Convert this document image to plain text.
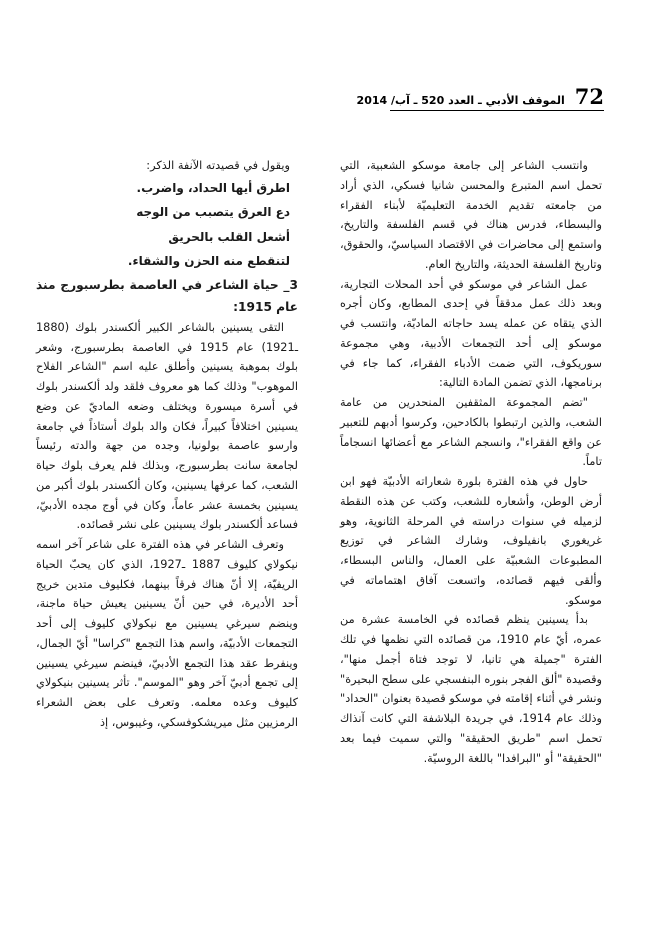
72
الموقف الأدبي ـ العدد 520 ـ آب/ 2014

وانتسب الشاعر إلى جامعة موسكو الشعبية، التي تحمل اسم المتبرع والمحسن شانيا فسكي، الذي أراد من جامعته تقديم الخدمة التعليميّة لأبناء الفقراء والبسطاء، فدرس هناك في قسم الفلسفة والتاريخ، واستمع إلى محاضرات في الاقتصاد السياسيّ، والحقوق، وتاريخ الفلسفة الحديثة، والتاريخ العام.

عمل الشاعر في موسكو في أحد المحلات التجارية، وبعد ذلك عمل مدققاً في إحدى المطابع، وكان أجره الذي يتقاه عن عمله يسد حاجاته الماديّة، وانتسب في موسكو إلى أحد التجمعات الأدبية، وهي مجموعة سوريكوف، التي ضمت الأدباء الفقراء، كما جاء في برنامجها، الذي تضمن المادة التالية:

"تضم المجموعة المثقفين المنحدرين من عامة الشعب، والذين ارتبطوا بالكادحين، وكرسوا أدبهم للتعبير عن واقع الفقراء"، وانسجم الشاعر مع أعضائها انسجاماً تاماً.

حاول في هذه الفترة بلورة شعاراته الأدبيّة فهو ابن أرض الوطن، وأشعاره للشعب، وكتب عن هذه النقطة لزميله في سنوات دراسته في المرحلة الثانوية، وهو غريغوري بانفيلوف، وشارك الشاعر في توزيع المطبوعات الشعبيّة على العمال، والناس البسطاء، وألقى فيهم قصائده، واتسعت آفاق اهتماماته في موسكو.

بدأ يسينين ينظم قصائده في الخامسة عشرة من عمره، أيّ عام 1910، من قصائده التي نظمها في تلك الفترة "جميلة هي تانيا، لا توجد فتاة أجمل منها"، وقصيدة "ألق الفجر بنوره البنفسجي على سطح البحيرة" ونشر في أثناء إقامته في موسكو قصيدة بعنوان "الحداد" وذلك عام 1914، في جريدة البلاشفة التي كانت آنذاك تحمل اسم "طريق الحقيقة" والتي سميت فيما بعد "الحقيقة" أو "البرافدا" باللغة الروسيّة.

ويقول في قصيدته الآنفة الذكر:

اطرق أيها الحداد، واضرب.
دع العرق يتصبب من الوجه
أشعل القلب بالحريق
لتنقطع منه الحزن والشقاء.

3_ حياة الشاعر في العاصمة بطرسبورج منذ عام 1915:

التقى يسينين بالشاعر الكبير ألكسندر بلوك (1880 ـ1921) عام 1915 في العاصمة بطرسبورج، وشعر بلوك بموهبة يسينين وأطلق عليه اسم "الشاعر الفلاح الموهوب" وذلك كما هو معروف فلقد ولد ألكسندر بلوك في أسرة ميسورة ويختلف وضعه الماديّ عن وضع يسينين اختلافاً كبيراً، فكان والد بلوك أستاذاً في جامعة وارسو عاصمة بولونيا، وجده من جهة والدته رئيساً لجامعة سانت بطرسبورج، وبذلك فلم يعرف بلوك حياة الشعب، كما عرفها يسينين، وكان ألكسندر بلوك أكبر من يسينين بخمسة عشر عاماً، وكان في أوج مجده الأدبيّ، فساعد ألكسندر بلوك يسينين على نشر قصائده.

وتعرف الشاعر في هذه الفترة على شاعر آخر اسمه نيكولاي كليوف 1887 ـ1927، الذي كان يحبّ الحياة الريفيّة، إلا أنّ هناك فرقاً بينهما، فكليوف متدين خريج أحد الأديرة، في حين أنّ يسينين يعيش حياة ماجنة، وينضم سيرغي يسينين مع نيكولاي كليوف إلى أحد التجمعات الأدبيّة، واسم هذا التجمع "كراسا" أيّ الجمال، وينفرط عقد هذا التجمع الأدبيّ، فينضم سيرغي يسينين إلى تجمع أدبيّ آخر وهو "الموسم". تأثر يسينين بنيكولاي كليوف وعده معلمه. وتعرف على بعض الشعراء الرمزيين مثل ميريشكوفسكي، وغيبوس، إذ
